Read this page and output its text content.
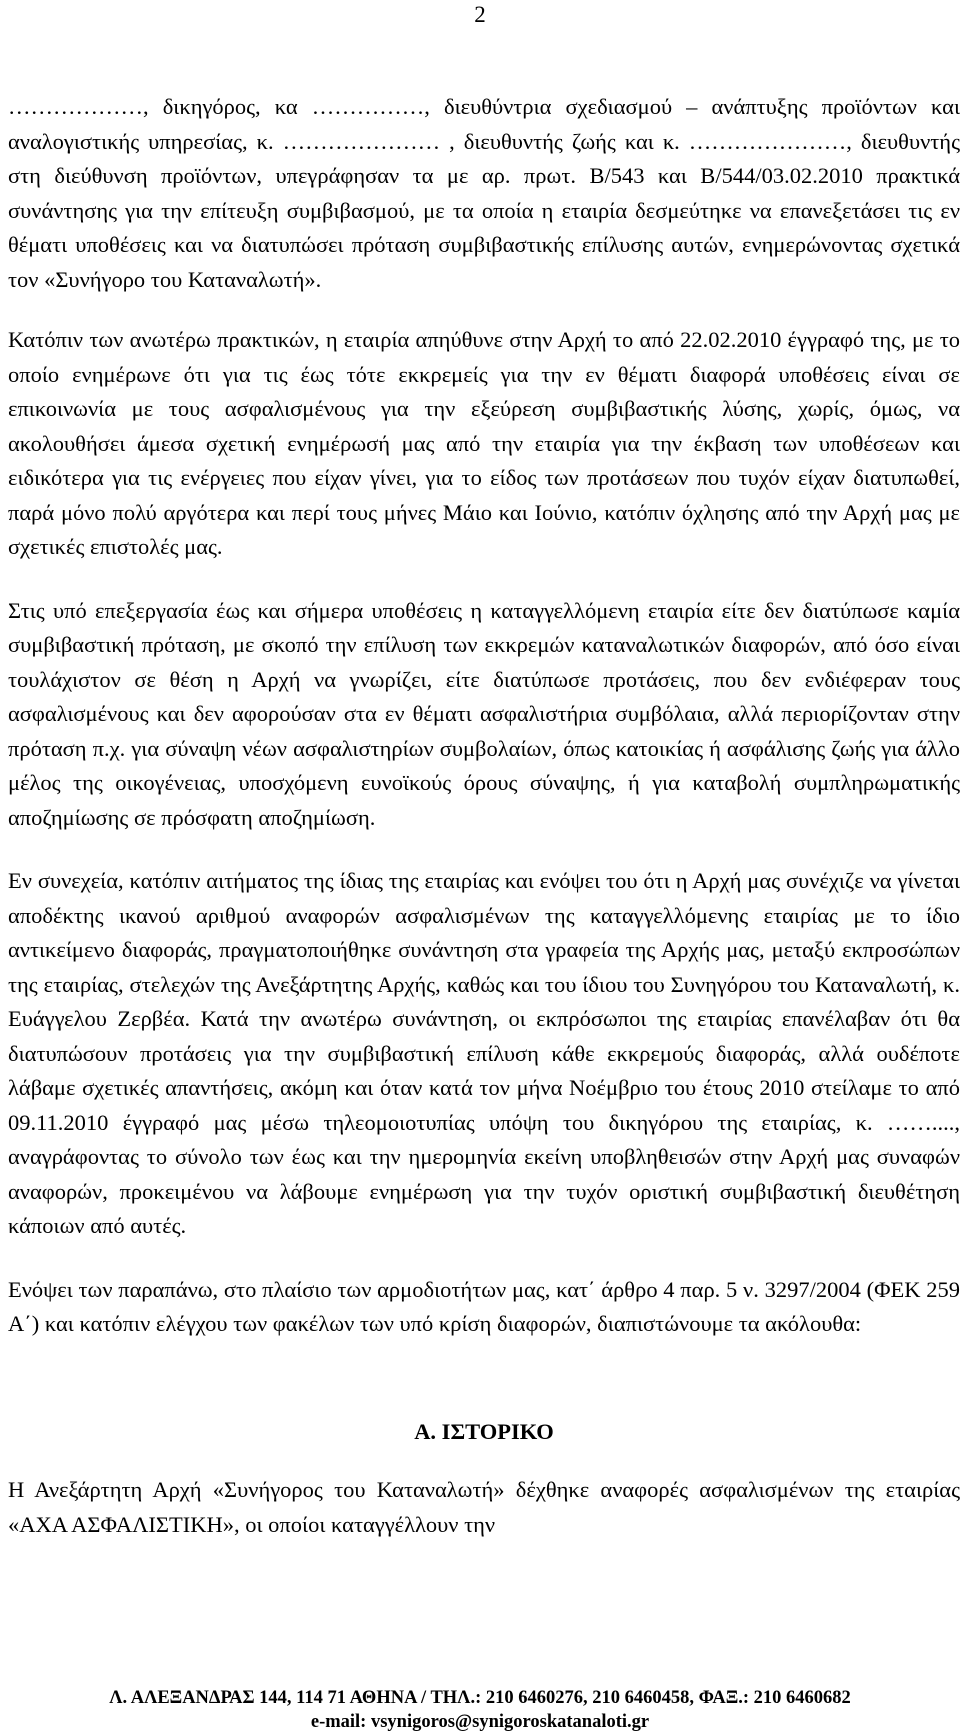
2

………………, δικηγόρος, κα ……………, διευθύντρια σχεδιασμού – ανάπτυξης προϊόντων και αναλογιστικής υπηρεσίας, κ. ………………… , διευθυντής ζωής και κ. …………………, διευθυντής στη διεύθυνση προϊόντων, υπεγράφησαν τα με αρ. πρωτ. Β/543 και Β/544/03.02.2010 πρακτικά συνάντησης για την επίτευξη συμβιβασμού, με τα οποία η εταιρία δεσμεύτηκε να επανεξετάσει τις εν θέματι υποθέσεις και να διατυπώσει πρόταση συμβιβαστικής επίλυσης αυτών, ενημερώνοντας σχετικά τον «Συνήγορο του Καταναλωτή».

Κατόπιν των ανωτέρω πρακτικών, η εταιρία απηύθυνε στην Αρχή το από 22.02.2010 έγγραφό της, με το οποίο ενημέρωνε ότι για τις έως τότε εκκρεμείς για την εν θέματι διαφορά υποθέσεις είναι σε επικοινωνία με τους ασφαλισμένους για την εξεύρεση συμβιβαστικής λύσης, χωρίς, όμως, να ακολουθήσει άμεσα σχετική ενημέρωσή μας από την εταιρία για την έκβαση των υποθέσεων και ειδικότερα για τις ενέργειες που είχαν γίνει, για το είδος των προτάσεων που τυχόν είχαν διατυπωθεί, παρά μόνο πολύ αργότερα και περί τους μήνες Μάιο και Ιούνιο, κατόπιν όχλησης από την Αρχή μας με σχετικές επιστολές μας.

Στις υπό επεξεργασία έως και σήμερα υποθέσεις η καταγγελλόμενη εταιρία είτε δεν διατύπωσε καμία συμβιβαστική πρόταση, με σκοπό την επίλυση των εκκρεμών καταναλωτικών διαφορών, από όσο είναι τουλάχιστον σε θέση η Αρχή να γνωρίζει, είτε διατύπωσε προτάσεις, που δεν ενδιέφεραν τους ασφαλισμένους και δεν αφορούσαν στα εν θέματι ασφαλιστήρια συμβόλαια, αλλά περιορίζονταν στην πρόταση π.χ. για σύναψη νέων ασφαλιστηρίων συμβολαίων, όπως κατοικίας ή ασφάλισης ζωής για άλλο μέλος της οικογένειας, υποσχόμενη ευνοϊκούς όρους σύναψης, ή για καταβολή συμπληρωματικής αποζημίωσης σε πρόσφατη αποζημίωση.

Εν συνεχεία, κατόπιν αιτήματος της ίδιας της εταιρίας και ενόψει του ότι η Αρχή μας συνέχιζε να γίνεται αποδέκτης ικανού αριθμού αναφορών ασφαλισμένων της καταγγελλόμενης εταιρίας με το ίδιο αντικείμενο διαφοράς, πραγματοποιήθηκε συνάντηση στα γραφεία της Αρχής μας, μεταξύ εκπροσώπων της εταιρίας, στελεχών της Ανεξάρτητης Αρχής, καθώς και του ίδιου του Συνηγόρου του Καταναλωτή, κ. Ευάγγελου Ζερβέα. Κατά την ανωτέρω συνάντηση, οι εκπρόσωποι της εταιρίας επανέλαβαν ότι θα διατυπώσουν προτάσεις για την συμβιβαστική επίλυση κάθε εκκρεμούς διαφοράς, αλλά ουδέποτε λάβαμε σχετικές απαντήσεις, ακόμη και όταν κατά τον μήνα Νοέμβριο του έτους 2010 στείλαμε το από 09.11.2010 έγγραφό μας μέσω τηλεομοιοτυπίας υπόψη του δικηγόρου της εταιρίας, κ. ……...., αναγράφοντας το σύνολο των έως και την ημερομηνία εκείνη υποβληθεισών στην Αρχή μας συναφών αναφορών, προκειμένου να λάβουμε ενημέρωση για την τυχόν οριστική συμβιβαστική διευθέτηση κάποιων από αυτές.

Ενόψει των παραπάνω, στο πλαίσιο των αρμοδιοτήτων μας, κατ΄ άρθρο 4 παρ. 5 ν. 3297/2004 (ΦΕΚ 259 Α΄) και κατόπιν ελέγχου των φακέλων των υπό κρίση διαφορών, διαπιστώνουμε τα ακόλουθα:

Α. ΙΣΤΟΡΙΚΟ

Η Ανεξάρτητη Αρχή «Συνήγορος του Καταναλωτή» δέχθηκε αναφορές ασφαλισμένων της εταιρίας «ΑΧΑ ΑΣΦΑΛΙΣΤΙΚΗ», οι οποίοι καταγγέλλουν την

Λ. ΑΛΕΞΑΝΔΡΑΣ 144, 114 71 ΑΘΗΝΑ / ΤΗΛ.: 210 6460276, 210 6460458, ΦΑΞ.: 210 6460682
e-mail: vsynigoros@synigoroskatanaloti.gr
